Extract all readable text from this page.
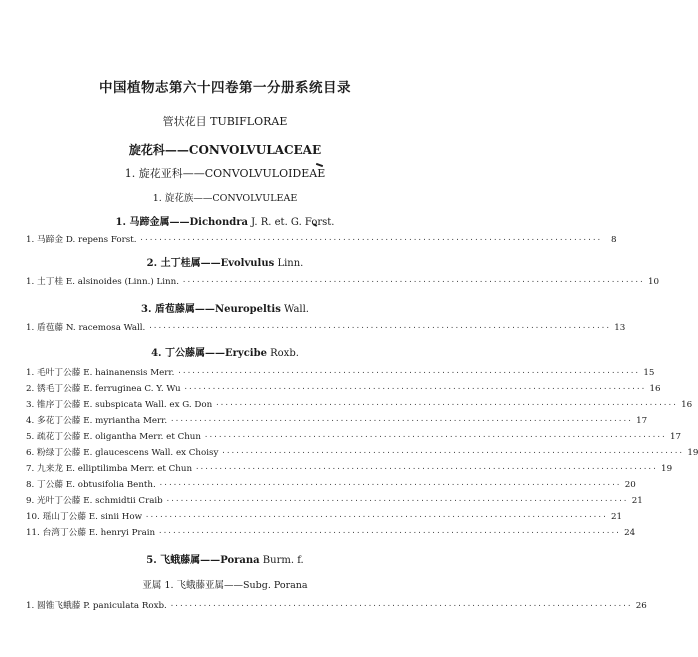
中国植物志第六十四卷第一分册系统目录
管状花目 TUBIFLORAE
旋花科——CONVOLVULACEAE
1. 旋花亚科——CONVOLVULOIDEAE
1. 旋花族——CONVOLVULEAE
1. 马蹄金属——Dichondra J. R. et. G. Forst.
1. 马蹄金 D. repens Forst. ··································································································	8
2. 土丁桂属——Evolvulus Linn.
1. 土丁桂 E. alsinoides (Linn.) Linn. ·································································································· 10
3. 盾苞藤属——Neuropeltis Wall.
1. 盾苞藤 N. racemosa Wall. ·································································································· 13
4. 丁公藤属——Erycibe Roxb.
1. 毛叶丁公藤 E. hainanensis Merr. ·································································································· 15
2. 锈毛丁公藤 E. ferruginea C. Y. Wu ·································································································· 16
3. 锥序丁公藤 E. subspicata Wall. ex G. Don ·································································································· 16
4. 多花丁公藤 E. myriantha Merr. ·································································································· 17
5. 疏花丁公藤 E. oligantha Merr. et Chun ·································································································· 17
6. 粉绿丁公藤 E. glaucescens Wall. ex Choisy ·································································································· 19
7. 九来龙 E. elliptilimba Merr. et Chun ·································································································· 19
8. 丁公藤 E. obtusifolia Benth. ·································································································· 20
9. 光叶丁公藤 E. schmidtii Craib ·································································································· 21
10. 瑶山丁公藤 E. sinii How ·································································································· 21
11. 台湾丁公藤 E. henryi Prain ·································································································· 24
5. 飞蛾藤属——Porana Burm. f.
亚属 1. 飞蛾藤亚属——Subg. Porana
1. 圆锥飞蛾藤 P. paniculata Roxb. ·································································································· 26
